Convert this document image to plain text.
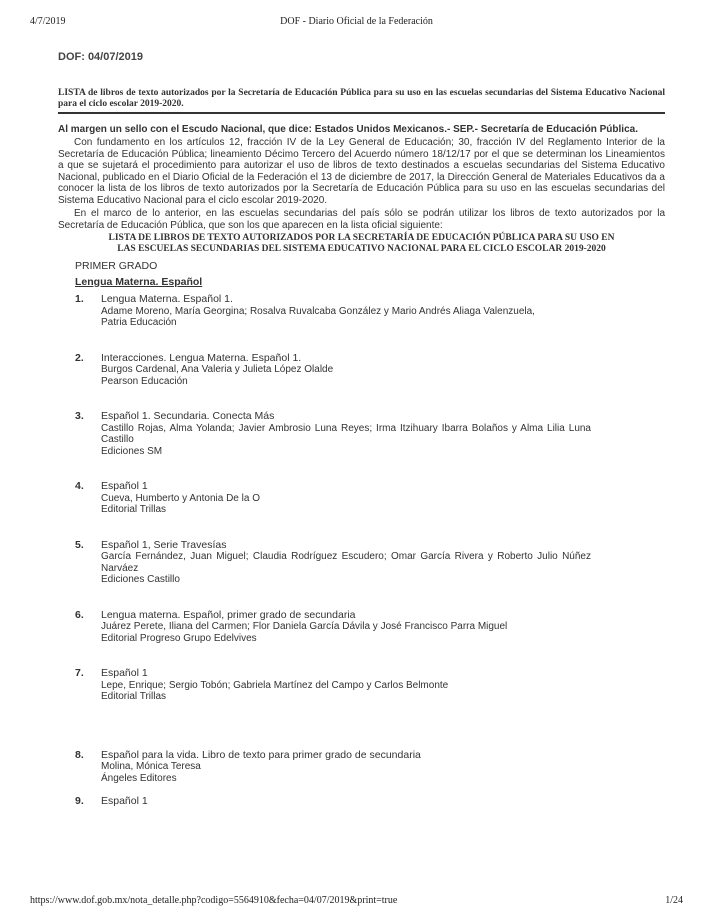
4/7/2019	DOF - Diario Oficial de la Federación
DOF: 04/07/2019
LISTA de libros de texto autorizados por la Secretaría de Educación Pública para su uso en las escuelas secundarias del Sistema Educativo Nacional para el ciclo escolar 2019-2020.
Al margen un sello con el Escudo Nacional, que dice: Estados Unidos Mexicanos.- SEP.- Secretaría de Educación Pública.
Con fundamento en los artículos 12, fracción IV de la Ley General de Educación; 30, fracción IV del Reglamento Interior de la Secretaría de Educación Pública; lineamiento Décimo Tercero del Acuerdo número 18/12/17 por el que se determinan los Lineamientos a que se sujetará el procedimiento para autorizar el uso de libros de texto destinados a escuelas secundarias del Sistema Educativo Nacional, publicado en el Diario Oficial de la Federación el 13 de diciembre de 2017, la Dirección General de Materiales Educativos da a conocer la lista de los libros de texto autorizados por la Secretaría de Educación Pública para su uso en las escuelas secundarias del Sistema Educativo Nacional para el ciclo escolar 2019-2020.
En el marco de lo anterior, en las escuelas secundarias del país sólo se podrán utilizar los libros de texto autorizados por la Secretaría de Educación Pública, que son los que aparecen en la lista oficial siguiente:
LISTA DE LIBROS DE TEXTO AUTORIZADOS POR LA SECRETARÍA DE EDUCACIÓN PÚBLICA PARA SU USO EN LAS ESCUELAS SECUNDARIAS DEL SISTEMA EDUCATIVO NACIONAL PARA EL CICLO ESCOLAR 2019-2020
PRIMER GRADO
Lengua Materna. Español
1.	Lengua Materna. Español 1.
Adame Moreno, María Georgina; Rosalva Ruvalcaba González y Mario Andrés Aliaga Valenzuela,
Patria Educación
2.	Interacciones. Lengua Materna. Español 1.
Burgos Cardenal, Ana Valeria y Julieta López Olalde
Pearson Educación
3.	Español 1. Secundaria. Conecta Más
Castillo Rojas, Alma Yolanda; Javier Ambrosio Luna Reyes; Irma Itzihuary Ibarra Bolaños y Alma Lilia Luna Castillo
Ediciones SM
4.	Español 1
Cueva, Humberto y Antonia De la O
Editorial Trillas
5.	Español 1, Serie Travesías
García Fernández, Juan Miguel; Claudia Rodríguez Escudero; Omar García Rivera y Roberto Julio Núñez Narváez
Ediciones Castillo
6.	Lengua materna. Español, primer grado de secundaria
Juárez Perete, Iliana del Carmen; Flor Daniela García Dávila y José Francisco Parra Miguel
Editorial Progreso Grupo Edelvives
7.	Español 1
Lepe, Enrique; Sergio Tobón; Gabriela Martínez del Campo y Carlos Belmonte
Editorial Trillas
8.	Español para la vida. Libro de texto para primer grado de secundaria
Molina, Mónica Teresa
Ángeles Editores
9.	Español 1
https://www.dof.gob.mx/nota_detalle.php?codigo=5564910&fecha=04/07/2019&print=true	1/24
